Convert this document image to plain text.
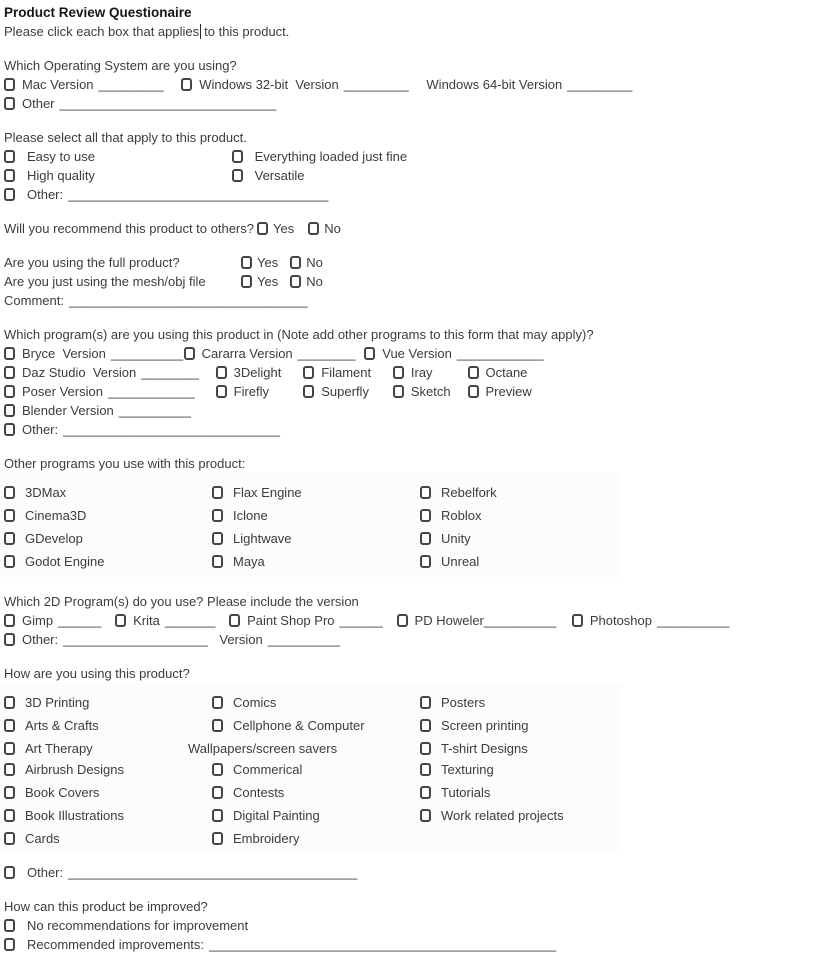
Product Review Questionaire
Please click each box that applies to this product.
Which Operating System are you using?
Mac Version _________	Windows 32-bit  Version _________ Windows 64-bit Version _________
Other ______________________________
Please select all that apply to this product.
Easy to use	Everything loaded just fine
High quality	Versatile
Other: ____________________________________
Will you recommend this product to others? Yes No
Are you using the full product?	Yes No
Are you just using the mesh/obj file	Yes No
Comment: _________________________________
Which program(s) are you using this product in (Note add other programs to this form that may apply)?
Bryce  Version __________ Cararra Version ________ Vue Version ____________
Daz Studio  Version ________	3Delight	Filament	Iray	Octane
Poser Version ____________	Firefly	Superfly	Sketch	Preview
Blender Version __________
Other: ______________________________
Other programs you use with this product:
3DMax	Flax Engine	Rebelfork
Cinema3D	Iclone	Roblox
GDevelop	Lightwave	Unity
Godot Engine	Maya	Unreal
Which 2D Program(s) do you use? Please include the version
Gimp ______ Krita _______ Paint Shop Pro ______ PD Howeler__________	Photoshop __________
Other: ____________________ Version __________
How are you using this product?
3D Printing	Comics	Posters
Arts & Crafts	Cellphone & Computer	Screen printing
Art Therapy	Wallpapers/screen savers	T-shirt Designs
Airbrush Designs	Commerical	Texturing
Book Covers	Contests	Tutorials
Book Illustrations	Digital Painting	Work related projects
Cards	Embroidery
Other: ________________________________________
How can this product be improved?
No recommendations for improvement
Recommended improvements: ________________________________________________
